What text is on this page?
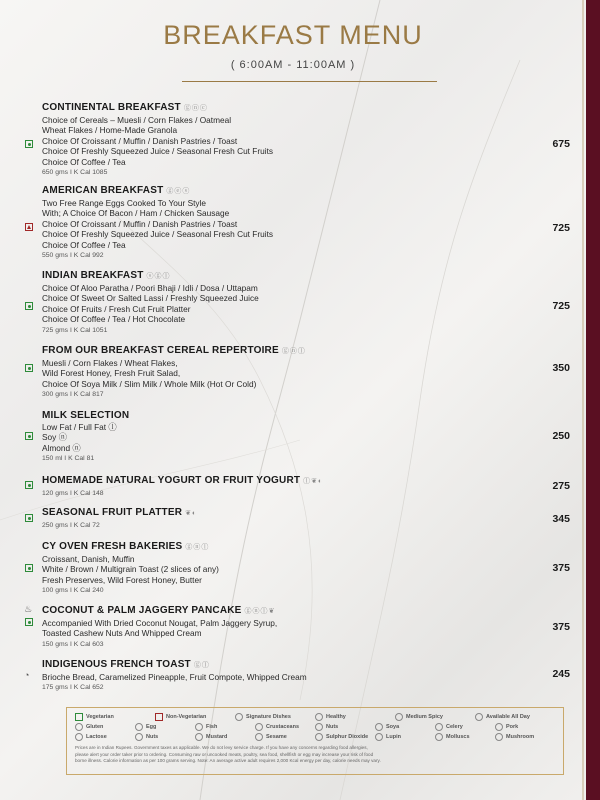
BREAKFAST MENU
( 6:00AM - 11:00AM )
CONTINENTAL BREAKFAST ⓖⓝⓒ
Choice of Cereals – Muesli / Corn Flakes / Oatmeal
Wheat Flakes / Home-Made Granola
Choice Of Croissant / Muffin / Danish Pastries / Toast
Choice Of Freshly Squeezed Juice / Seasonal Fresh Cut Fruits
Choice Of Coffee / Tea
650 gms I K Cal 1085
675
AMERICAN BREAKFAST ⓖⓔⓢ
Two Free Range Eggs Cooked To Your Style
With; A Choice Of Bacon / Ham / Chicken Sausage
Choice Of Croissant / Muffin / Danish Pastries / Toast
Choice Of Freshly Squeezed Juice / Seasonal Fresh Cut Fruits
Choice Of Coffee / Tea
550 gms I K Cal 992
725
INDIAN BREAKFAST ⓢⓖⓛ
Choice Of Aloo Paratha / Poori Bhaji / Idli / Dosa / Uttapam
Choice Of Sweet Or Salted Lassi / Freshly Squeezed Juice
Choice Of Fruits / Fresh Cut Fruit Platter
Choice Of Coffee / Tea / Hot Chocolate
725 gms I K Cal 1051
725
FROM OUR BREAKFAST CEREAL REPERTOIRE ⓖⓝⓛ
Muesli / Corn Flakes / Wheat Flakes,
Wild Forest Honey, Fresh Fruit Salad,
Choice Of Soya Milk / Slim Milk / Whole Milk (Hot Or Cold)
300 gms I K Cal 817
350
MILK SELECTION
Low Fat / Full Fat ⓛ
Soy ⓝ
Almond ⓝ
150 ml I K Cal 81
250
HOMEMADE NATURAL YOGURT OR FRUIT YOGURT ⓛ❦◐
120 gms I K Cal 148
275
SEASONAL FRUIT PLATTER ❦◐
250 gms I K Cal 72
345
CY OVEN FRESH BAKERIES ⓖⓝⓛ
Croissant, Danish, Muffin
White / Brown / Multigrain Toast (2 slices of any)
Fresh Preserves, Wild Forest Honey, Butter
100 gms I K Cal 240
375
♨ COCONUT & PALM JAGGERY PANCAKE ⓖⓝⓛ❦
Accompanied With Dried Coconut Nougat, Palm Jaggery Syrup,
Toasted Cashew Nuts And Whipped Cream
150 gms I K Cal 603
375
◔
INDIGENOUS FRENCH TOAST ⓖⓛ
Brioche Bread, Caramelized Pineapple, Fruit Compote, Whipped Cream
175 gms I K Cal 652
245
Vegetarian	Non-Vegetarian	Signature Dishes	Healthy	Medium Spicy	Available All Day
Gluten	Egg	Fish	Crustaceans	Nuts	Soya	Celery	Pork
Lactose	Nuts	Mustard	Sesame	Sulphur Dioxide	Lupin	Molluscs	Mushroom
Prices are in Indian Rupees. Government taxes as applicable. We do not levy service charge. If you have any concerns regarding food allergies,
please alert your order taker prior to ordering. Consuming raw or uncooked meats, poultry, sea food, shellfish or egg may increase your risk of food
borne illness. Calorie information as per 100 grams serving. Note: An average active adult requires 2,000 Kcal energy per day, calorie needs may vary.
